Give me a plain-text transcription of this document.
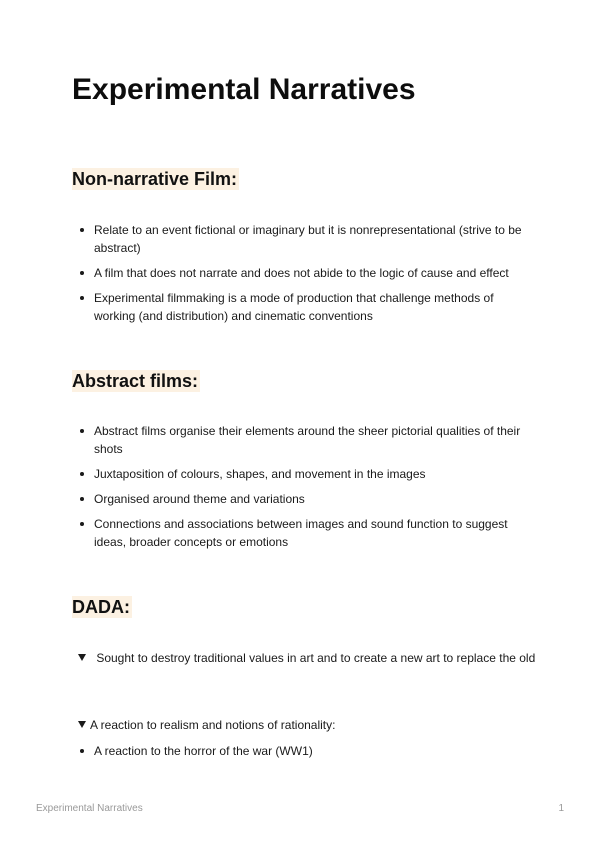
Experimental Narratives
Non-narrative Film:
Relate to an event fictional or imaginary but it is nonrepresentational (strive to be abstract)
A film that does not narrate and does not abide to the logic of cause and effect
Experimental filmmaking is a mode of production that challenge methods of working (and distribution) and cinematic conventions
Abstract films:
Abstract films organise their elements around the sheer pictorial qualities of their shots
Juxtaposition of colours, shapes, and movement in the images
Organised around theme and variations
Connections and associations between images and sound function to suggest ideas, broader concepts or emotions
DADA:

Sought to destroy traditional values in art and to create a new art to replace the old

A reaction to realism and notions of rationality:

A reaction to the horror of the war (WW1)

Experimental Narratives	1
